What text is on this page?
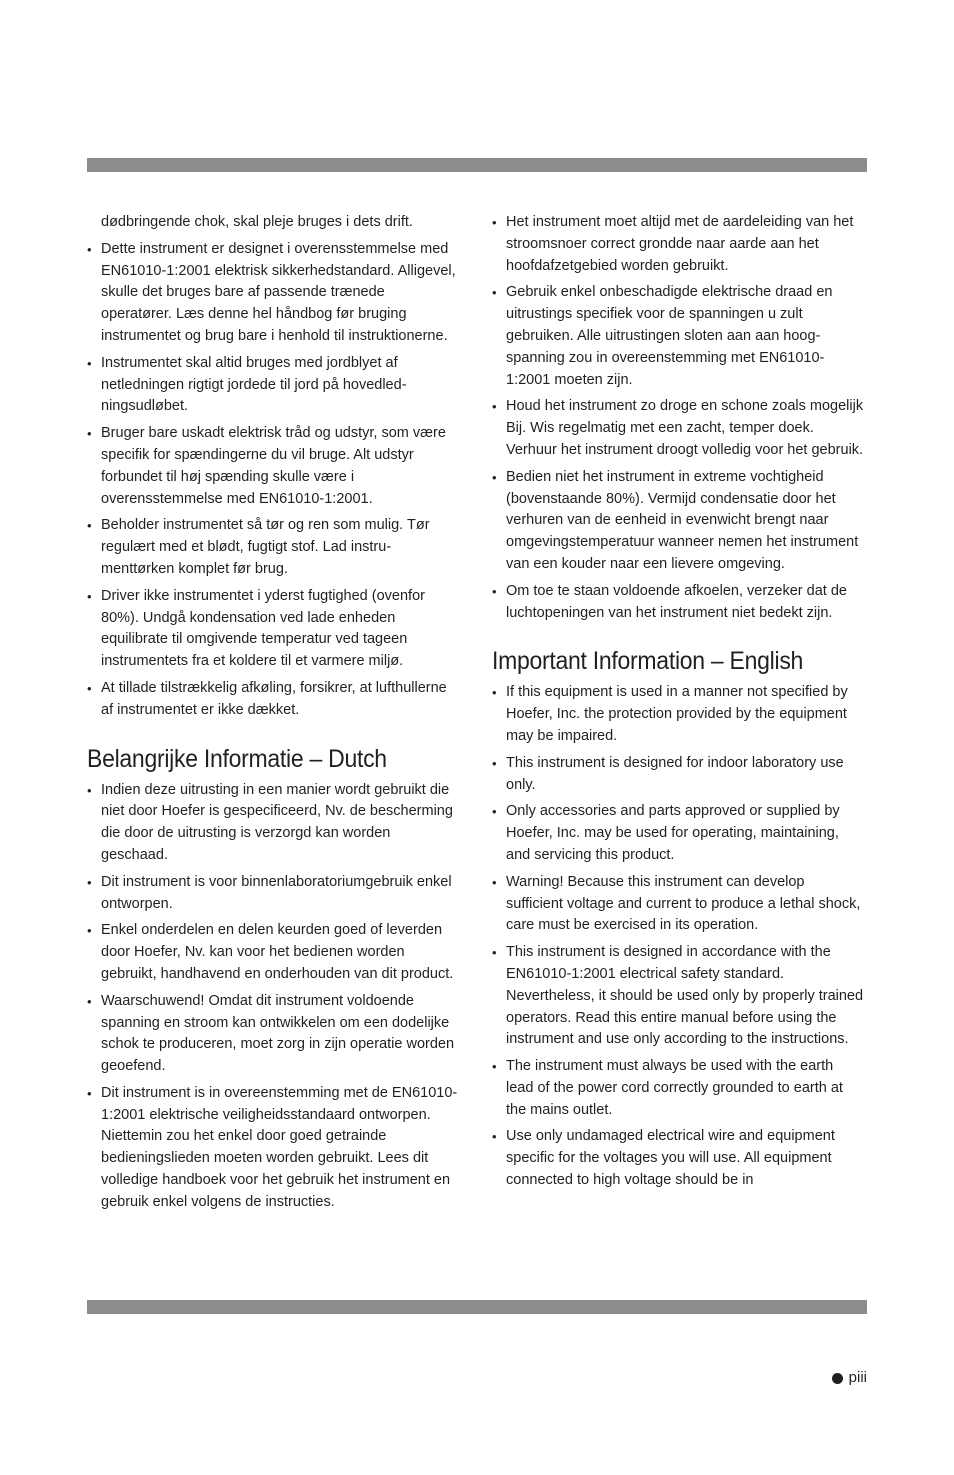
dødbringende chok, skal pleje bruges i dets drift.

• Dette instrument er designet i overensstemmelse med EN61010-1:2001 elektrisk sikkerhedstandard. Alligevel, skulle det bruges bare af passende trænede operatører. Læs denne hel håndbog før bruging instrumentet og brug bare i henhold til instruktionerne.
• Instrumentet skal altid bruges med jordblyet af netledningen rigtigt jordede til jord på hovedledningsudløbet.
• Bruger bare uskadt elektrisk tråd og udstyr, som være specifik for spændingerne du vil bruge. Alt udstyr forbundet til høj spænding skulle være i overensstemmelse med EN61010-1:2001.
• Beholder instrumentet så tør og ren som mulig. Tør regulært med et blødt, fugtigt stof. Lad instrumenttørken komplet før brug.
• Driver ikke instrumentet i yderst fugtighed (ovenfor 80%). Undgå kondensation ved lade enheden equilibrate til omgivende temperatur ved tageen instrumentets fra et koldere til et varmere miljø.
• At tillade tilstrækkelig afkøling, forsikrer, at lufthullerne af instrumentet er ikke dækket.
Belangrijke Informatie – Dutch
• Indien deze uitrusting in een manier wordt gebruikt die niet door Hoefer is gespecificeerd, Nv. de bescherming die door de uitrusting is verzorgd kan worden geschaad.
• Dit instrument is voor binnenlaboratoriumgebruik enkel ontworpen.
• Enkel onderdelen en delen keurden goed of leverden door Hoefer, Nv. kan voor het bedienen worden gebruikt, handhavend en onderhouden van dit product.
• Waarschuwend! Omdat dit instrument voldoende spanning en stroom kan ontwikkelen om een dodelijke schok te produceren, moet zorg in zijn operatie worden geoefend.
• Dit instrument is in overeenstemming met de EN61010-1:2001 elektrische veiligheidsstandaard ontworpen. Niettemin zou het enkel door goed getrainde bedieningslieden moeten worden gebruikt. Lees dit volledige handboek voor het gebruik het instrument en gebruik enkel volgens de instructies.
• Het instrument moet altijd met de aardeleiding van het stroomsnoer correct grondde naar aarde aan het hoofdafzetgebied worden gebruikt.
• Gebruik enkel onbeschadigde elektrische draad en uitrustings specifiek voor de spanningen u zult gebruiken. Alle uitrustingen sloten aan aan hoogspanning zou in overeenstemming met EN61010-1:2001 moeten zijn.
• Houd het instrument zo droge en schone zoals mogelijk Bij. Wis regelmatig met een zacht, temper doek. Verhuur het instrument droogt volledig voor het gebruik.
• Bedien niet het instrument in extreme vochtigheid (bovenstaande 80%). Vermijd condensatie door het verhuren van de eenheid in evenwicht brengt naar omgevingstemperatuur wanneer nemen het instrument van een kouder naar een lievere omgeving.
• Om toe te staan voldoende afkoelen, verzeker dat de luchtopeningen van het instrument niet bedekt zijn.
Important Information – English
• If this equipment is used in a manner not specified by Hoefer, Inc. the protection provided by the equipment may be impaired.
• This instrument is designed for indoor laboratory use only.
• Only accessories and parts approved or supplied by Hoefer, Inc. may be used for operating, maintaining, and servicing this product.
• Warning! Because this instrument can develop sufficient voltage and current to produce a lethal shock, care must be exercised in its operation.
• This instrument is designed in accordance with the EN61010-1:2001 electrical safety standard. Nevertheless, it should be used only by properly trained operators. Read this entire manual before using the instrument and use only according to the instructions.
• The instrument must always be used with the earth lead of the power cord correctly grounded to earth at the mains outlet.
• Use only undamaged electrical wire and equipment specific for the voltages you will use. All equipment connected to high voltage should be in
piii
